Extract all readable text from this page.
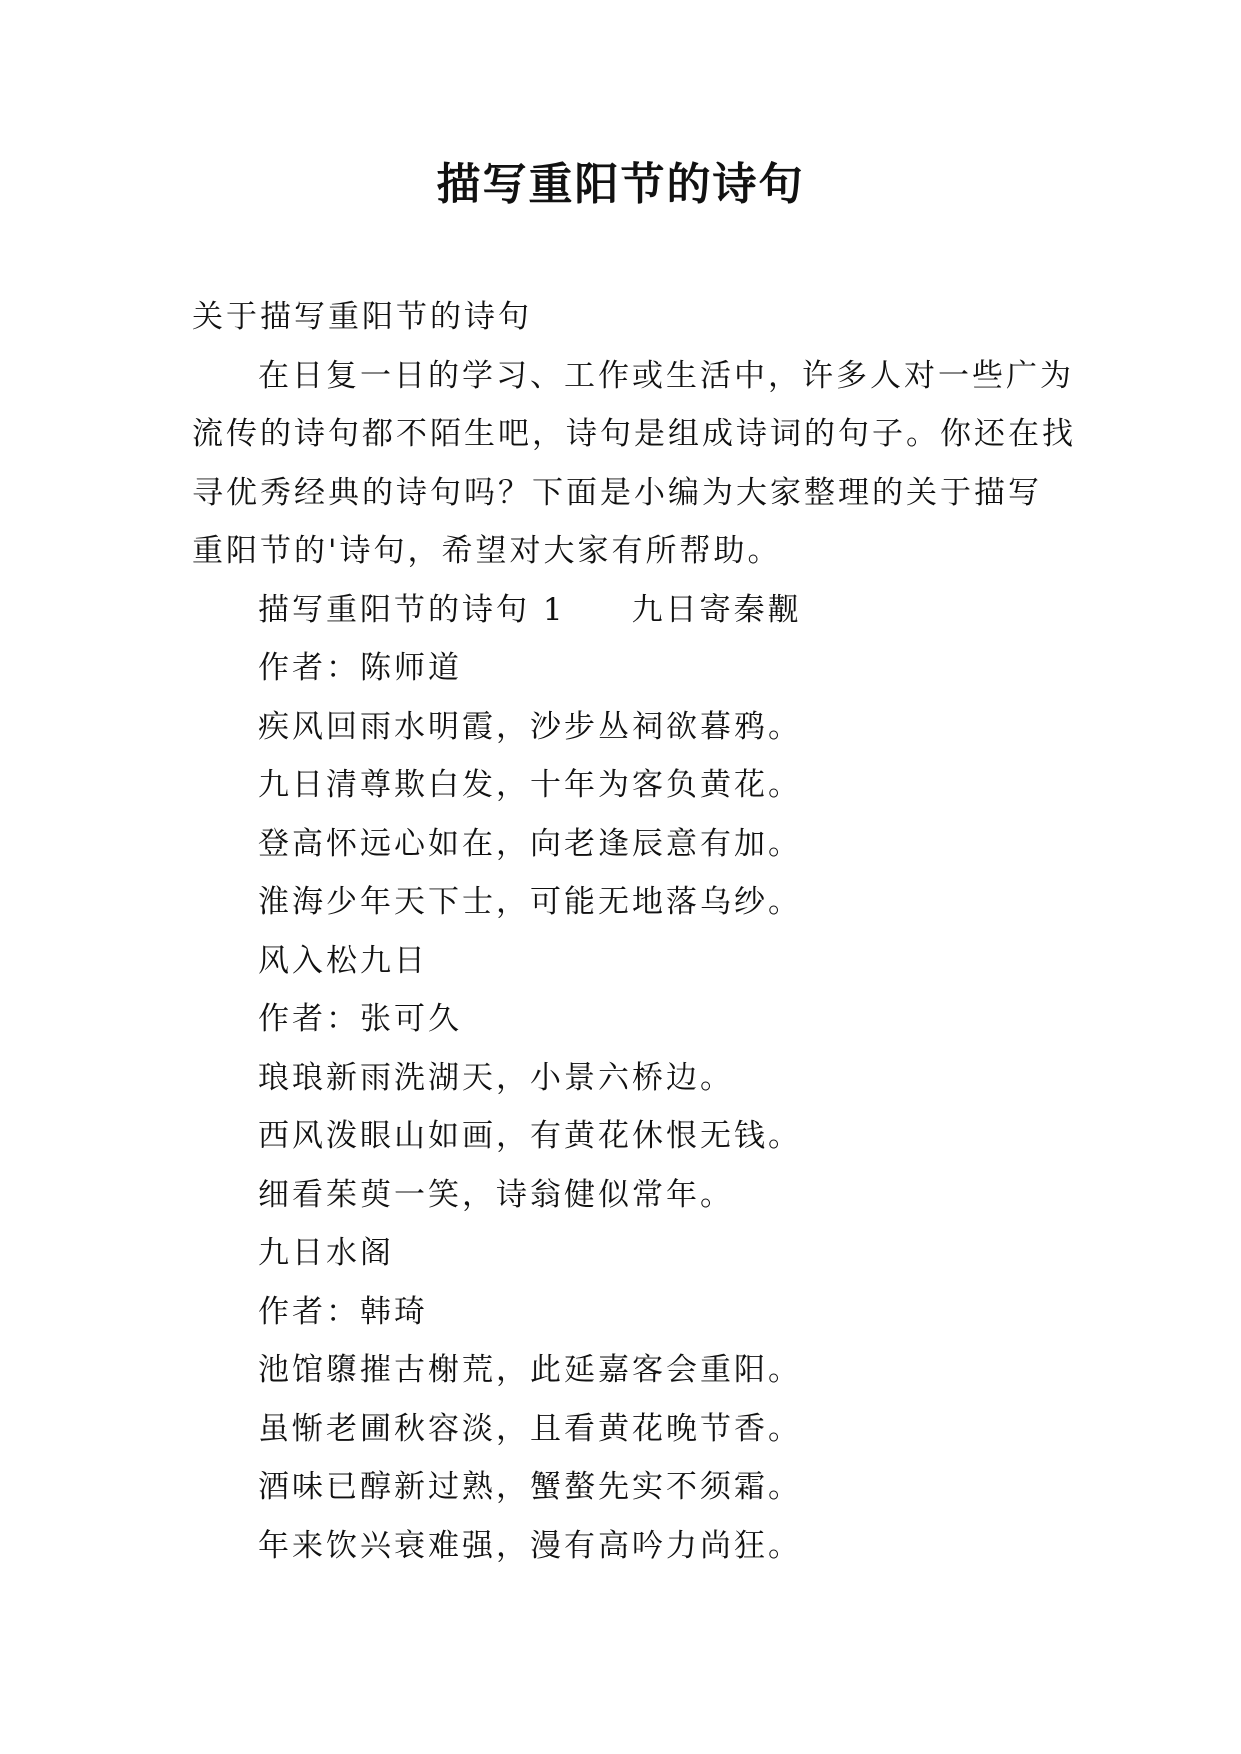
描写重阳节的诗句
关于描写重阳节的诗句
在日复一日的学习、工作或生活中，许多人对一些广为
流传的诗句都不陌生吧，诗句是组成诗词的句子。你还在找
寻优秀经典的诗句吗？下面是小编为大家整理的关于描写
重阳节的'诗句，希望对大家有所帮助。
描写重阳节的诗句 1 九日寄秦觏
作者：陈师道
疾风回雨水明霞，沙步丛祠欲暮鸦。
九日清尊欺白发，十年为客负黄花。
登高怀远心如在，向老逢辰意有加。
淮海少年天下士，可能无地落乌纱。
风入松九日
作者：张可久
琅琅新雨洗湖天，小景六桥边。
西风泼眼山如画，有黄花休恨无钱。
细看茱萸一笑，诗翁健似常年。
九日水阁
作者：韩琦
池馆隳摧古榭荒，此延嘉客会重阳。
虽惭老圃秋容淡，且看黄花晚节香。
酒味已醇新过熟，蟹螯先实不须霜。
年来饮兴衰难强，漫有高吟力尚狂。
